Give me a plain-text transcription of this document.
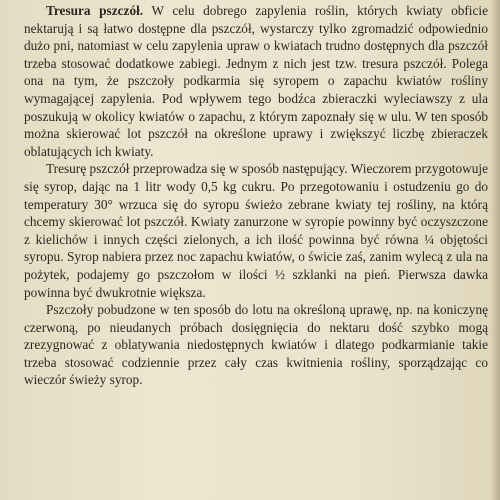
Tresura pszczół. W celu dobrego zapylenia roślin, których kwiaty obficie nektarują i są łatwo dostępne dla pszczół, wystarczy tylko zgromadzić odpowiednio dużo pni, natomiast w celu zapylenia upraw o kwiatach trudno dostępnych dla pszczół trzeba stosować dodatkowe zabiegi. Jednym z nich jest tzw. tresura pszczół. Polega ona na tym, że pszczoły podkarmia się syropem o zapachu kwiatów rośliny wymagającej zapylenia. Pod wpływem tego bodźca zbieraczki wyleciawszy z ula poszukują w okolicy kwiatów o zapachu, z którym zapoznały się w ulu. W ten sposób można skierować lot pszczół na określone uprawy i zwiększyć liczbę zbieraczek oblatujących ich kwiaty.

Tresurę pszczół przeprowadza się w sposób następujący. Wieczorem przygotowuje się syrop, dając na 1 litr wody 0,5 kg cukru. Po przegotowaniu i ostudzeniu go do temperatury 30° wrzuca się do syropu świeżo zebrane kwiaty tej rośliny, na którą chcemy skierować lot pszczół. Kwiaty zanurzone w syropie powinny być oczyszczone z kielichów i innych części zielonych, a ich ilość powinna być równa ¼ objętości syropu. Syrop nabiera przez noc zapachu kwiatów, o świcie zaś, zanim wylecą z ula na pożytek, podajemy go pszczołom w ilości ½ szklanki na pień. Pierwsza dawka powinna być dwukrotnie większa.

Pszczoły pobudzone w ten sposób do lotu na określoną uprawę, np. na koniczynę czerwoną, po nieudanych próbach dosięgnięcia do nektaru dość szybko mogą zrezygnować z oblatywania niedostępnych kwiatów i dlatego podkarmianie takie trzeba stosować codziennie przez cały czas kwitnienia rośliny, sporządzając co wieczór świeży syrop.
